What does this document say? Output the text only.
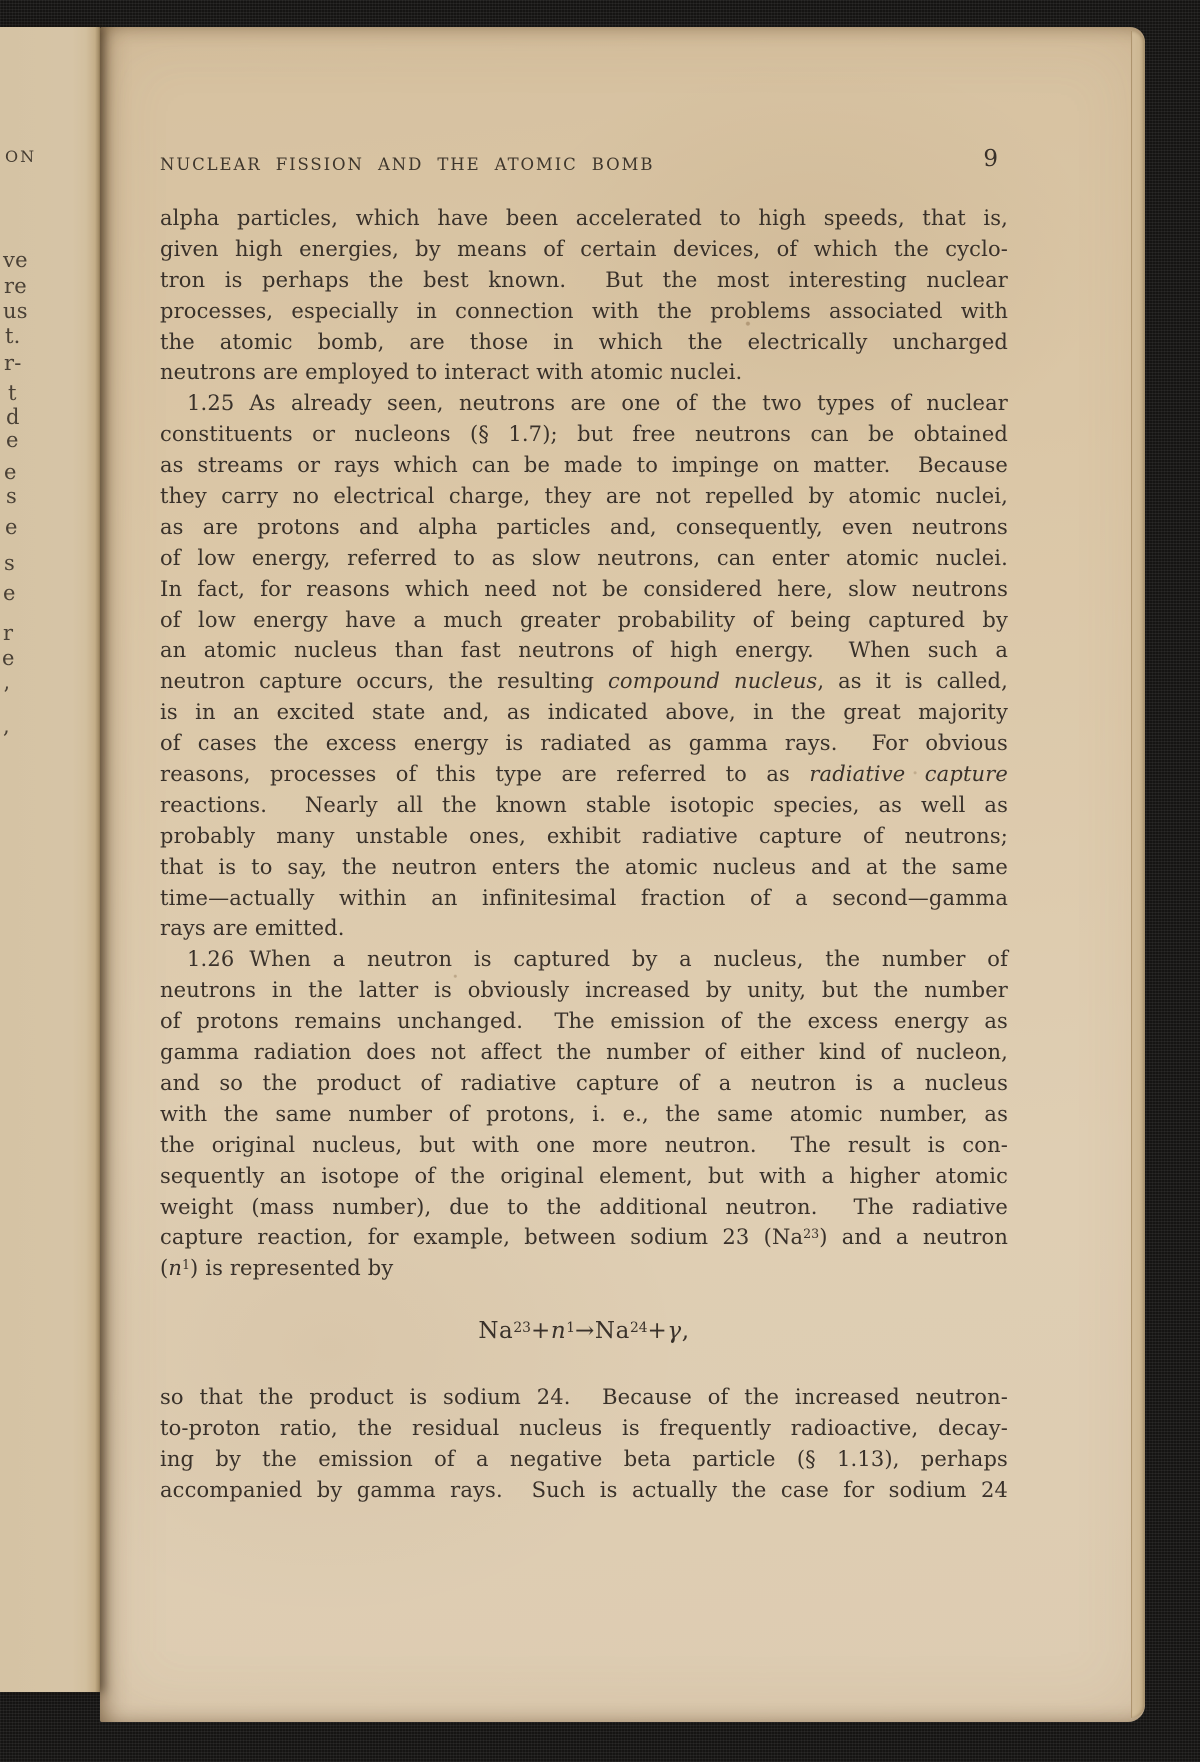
ON
ve
re
us
t.
r-
t
d
e
e
s
e
s
e
r
e
’
,
NUCLEAR FISSION AND THE ATOMIC BOMB	9
alpha particles, which have been accelerated to high speeds, that is,
given high energies, by means of certain devices, of which the cyclo-
tron is perhaps the best known.  But the most interesting nuclear
processes, especially in connection with the problems associated with
the atomic bomb, are those in which the electrically uncharged
neutrons are employed to interact with atomic nuclei.
1.25 As already seen, neutrons are one of the two types of nuclear
constituents or nucleons (§ 1.7); but free neutrons can be obtained
as streams or rays which can be made to impinge on matter.  Because
they carry no electrical charge, they are not repelled by atomic nuclei,
as are protons and alpha particles and, consequently, even neutrons
of low energy, referred to as slow neutrons, can enter atomic nuclei.
In fact, for reasons which need not be considered here, slow neutrons
of low energy have a much greater probability of being captured by
an atomic nucleus than fast neutrons of high energy.  When such a
neutron capture occurs, the resulting compound nucleus, as it is called,
is in an excited state and, as indicated above, in the great majority
of cases the excess energy is radiated as gamma rays.  For obvious
reasons, processes of this type are referred to as radiative capture
reactions.  Nearly all the known stable isotopic species, as well as
probably many unstable ones, exhibit radiative capture of neutrons;
that is to say, the neutron enters the atomic nucleus and at the same
time—actually within an infinitesimal fraction of a second—gamma
rays are emitted.
1.26 When a neutron is captured by a nucleus, the number of
neutrons in the latter is obviously increased by unity, but the number
of protons remains unchanged.  The emission of the excess energy as
gamma radiation does not affect the number of either kind of nucleon,
and so the product of radiative capture of a neutron is a nucleus
with the same number of protons, i. e., the same atomic number, as
the original nucleus, but with one more neutron.  The result is con-
sequently an isotope of the original element, but with a higher atomic
weight (mass number), due to the additional neutron.  The radiative
capture reaction, for example, between sodium 23 (Na$^{23}$) and a neutron
$(n^1)$ is represented by
$Na^{23}+n^1\to Na^{24}+\gamma$,
so that the product is sodium 24.  Because of the increased neutron-
to-proton ratio, the residual nucleus is frequently radioactive, decay-
ing by the emission of a negative beta particle (§ 1.13), perhaps
accompanied by gamma rays.  Such is actually the case for sodium 24
